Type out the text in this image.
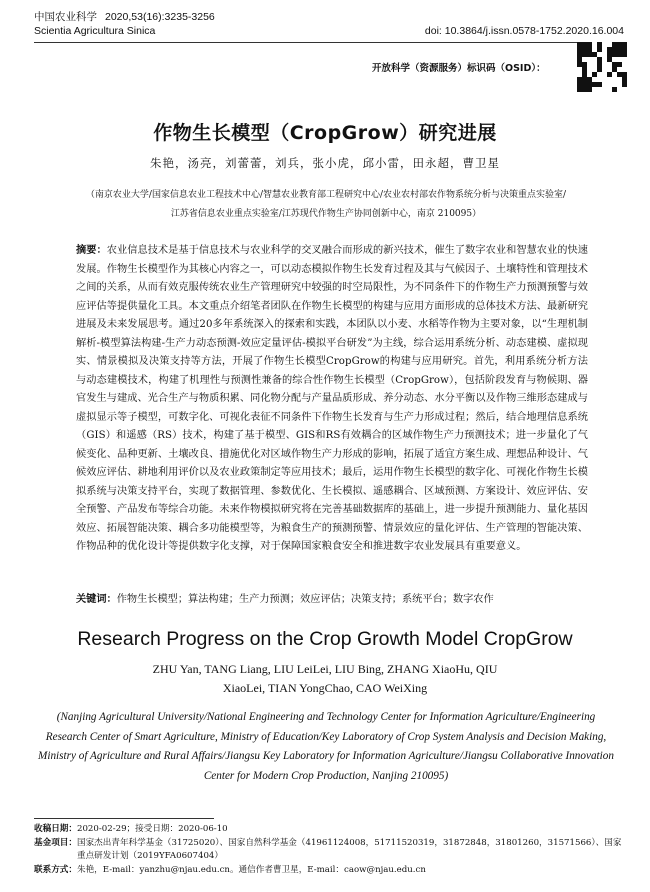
中国农业科学 2020,53(16):3235-3256
Scientia Agricultura Sinica	doi: 10.3864/j.issn.0578-1752.2020.16.004
开放科学（资源服务）标识码（OSID）：
作物生长模型（CropGrow）研究进展
朱艳，汤亮，刘蕾蕾，刘兵，张小虎，邱小雷，田永超，曹卫星
（南京农业大学/国家信息农业工程技术中心/智慧农业教育部工程研究中心/农业农村部农作物系统分析与决策重点实验室/
江苏省信息农业重点实验室/江苏现代作物生产协同创新中心，南京 210095）
摘要：农业信息技术是基于信息技术与农业科学的交叉融合而形成的新兴技术，催生了数字农业和智慧农业的快速发展。作物生长模型作为其核心内容之一，可以动态模拟作物生长发育过程及其与气候因子、土壤特性和管理技术之间的关系，从而有效克服传统农业生产管理研究中较强的时空局限性，为不同条件下的作物生产力预测预警与效应评估等提供量化工具。本文重点介绍笔者团队在作物生长模型的构建与应用方面形成的总体技术方法、最新研究进展及未来发展思考。通过20多年系统深入的探索和实践，本团队以小麦、水稻等作物为主要对象，以“生理机制解析-模型算法构建-生产力动态预测-效应定量评估-模拟平台研发”为主线，综合运用系统分析、动态建模、虚拟现实、情景模拟及决策支持等方法，开展了作物生长模型CropGrow的构建与应用研究。首先，利用系统分析方法与动态建模技术，构建了机理性与预测性兼备的综合性作物生长模型（CropGrow），包括阶段发育与物候期、器官发生与建成、光合生产与物质积累、同化物分配与产量品质形成、养分动态、水分平衡以及作物三维形态建成与虚拟显示等子模型，可数字化、可视化表征不同条件下作物生长发育与生产力形成过程；然后，结合地理信息系统（GIS）和遥感（RS）技术，构建了基于模型、GIS和RS有效耦合的区域作物生产力预测技术；进一步量化了气候变化、品种更新、土壤改良、措施优化对区域作物生产力形成的影响，拓展了适宜方案生成、理想品种设计、气候效应评估、耕地利用评价以及农业政策制定等应用技术；最后，运用作物生长模型的数字化、可视化作物生长模拟系统与决策支持平台，实现了数据管理、参数优化、生长模拟、遥感耦合、区域预测、方案设计、效应评估、安全预警、产品发布等综合功能。未来作物模拟研究将在完善基础数据库的基础上，进一步提升预测能力、量化基因效应、拓展智能决策、耦合多功能模型等，为粮食生产的预测预警、情景效应的量化评估、生产管理的智能决策、作物品种的优化设计等提供数字化支撑，对于保障国家粮食安全和推进数字农业发展具有重要意义。
关键词：作物生长模型；算法构建；生产力预测；效应评估；决策支持；系统平台；数字农作
Research Progress on the Crop Growth Model CropGrow
ZHU Yan, TANG Liang, LIU LeiLei, LIU Bing, ZHANG XiaoHu, QIU XiaoLei, TIAN YongChao, CAO WeiXing
(Nanjing Agricultural University/National Engineering and Technology Center for Information Agriculture/Engineering Research Center of Smart Agriculture, Ministry of Education/Key Laboratory of Crop System Analysis and Decision Making, Ministry of Agriculture and Rural Affairs/Jiangsu Key Laboratory for Information Agriculture/Jiangsu Collaborative Innovation Center for Modern Crop Production, Nanjing 210095)
收稿日期： 2020-02-29；接受日期：2020-06-10
基金项目： 国家杰出青年科学基金（31725020）、国家自然科学基金（41961124008，51711520319，31872848，31801260，31571566）、国家重点研发计划（2019YFA0607404）
联系方式： 朱艳，E-mail：yanzhu@njau.edu.cn。通信作者曹卫星，E-mail：caow@njau.edu.cn
